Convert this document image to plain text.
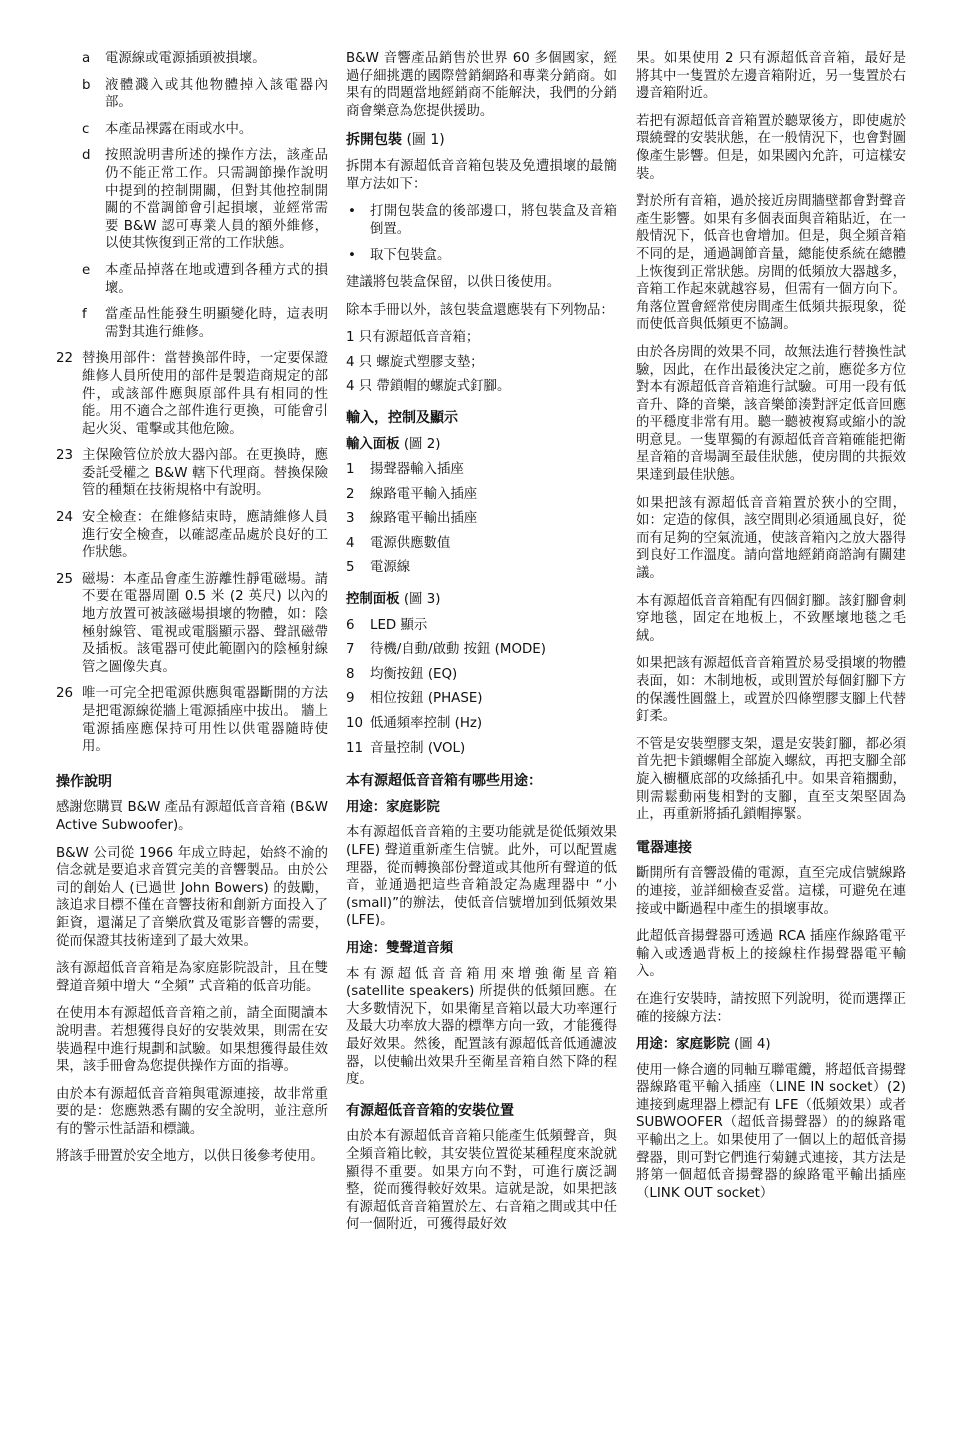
a 電源線或電源插頭被損壞。
b 液體濺入或其他物體掉入該電器內部。
c 本產品裸露在雨或水中。
d 按照說明書所述的操作方法，該產品仍不能正常工作。只需調節操作說明中提到的控制開關，但對其他控制開關的不當調節會引起損壞，並經常需要 B&W 認可專業人員的額外維修，以使其恢復到正常的工作狀態。
e 本產品掉落在地或遭到各種方式的損壞。
f 當產品性能發生明顯變化時，這表明需對其進行維修。
22 替換用部件：當替換部件時，一定要保證維修人員所使用的部件是製造商規定的部件，或該部件應與原部件具有相同的性能。用不適合之部件進行更換，可能會引起火災、電擊或其他危險。
23 主保險管位於放大器內部。在更換時，應委託受權之 B&W 轄下代理商。替換保險管的種類在技術規格中有說明。
24 安全檢查：在維修結束時，應請維修人員進行安全檢查，以確認產品處於良好的工作狀態。
25 磁場：本產品會產生游離性靜電磁場。請不要在電器周圍 0.5 米 (2 英尺) 以內的地方放置可被該磁場損壞的物體，如：陰極射線管、電視或電腦顯示器、聲訊磁帶及插板。該電器可使此範圍內的陰極射線管之圖像失真。
26 唯一可完全把電源供應與電器斷開的方法是把電源線從牆上電源插座中拔出。 牆上電源插座應保持可用性以供電器隨時使用。
操作說明

感謝您購買 B&W 產品有源超低音音箱 (B&W Active Subwoofer)。

B&W 公司從 1966 年成立時起，始終不渝的信念就是要追求音質完美的音響製品。由於公司的創始人 (已過世 John Bowers) 的鼓勵，該追求目標不僅在音響技術和創新方面投入了鉅資，還滿足了音樂欣賞及電影音響的需要，從而保證其技術達到了最大效果。

該有源超低音音箱是為家庭影院設計，且在雙聲道音頻中增大 “全頻” 式音箱的低音功能。

在使用本有源超低音音箱之前，請全面閱讀本說明書。若想獲得良好的安裝效果，則需在安裝過程中進行規劃和試驗。如果想獲得最佳效果，該手冊會為您提供操作方面的指導。

由於本有源超低音音箱與電源連接，故非常重要的是：您應熟悉有關的安全說明，並注意所有的警示性話語和標識。

將該手冊置於安全地方，以供日後參考使用。

B&W 音響產品銷售於世界 60 多個國家，經過仔細挑選的國際營銷網路和專業分銷商。如果有的問題當地經銷商不能解決，我們的分銷商會樂意為您提供援助。

拆開包裝 (圖 1)

拆開本有源超低音音箱包裝及免遭損壞的最簡單方法如下：

• 打開包裝盒的後部邊口，將包裝盒及音箱倒置。
• 取下包裝盒。

建議將包裝盒保留，以供日後使用。

除本手冊以外，該包裝盒還應裝有下列物品：

1 只有源超低音音箱；
4 只 螺旋式塑膠支墊；
4 只 帶鎖帽的螺旋式釘腳。
輸入，控制及顯示
輸入面板 (圖 2)
1 揚聲器輸入插座
2 線路電平輸入插座
3 線路電平輸出插座
4 電源供應數值
5 電源線
控制面板 (圖 3)
6 LED 顯示
7 待機/自動/啟動 按鈕 (MODE)
8 均衡按鈕 (EQ)
9 相位按鈕 (PHASE)
10 低通頻率控制 (Hz)
11 音量控制 (VOL)
本有源超低音音箱有哪些用途：
用途：家庭影院

本有源超低音音箱的主要功能就是從低頻效果 (LFE) 聲道重新產生信號。此外，可以配置處理器，從而轉換部份聲道或其他所有聲道的低音，並通過把這些音箱設定為處理器中 “小 (small)”的辦法，使低音信號增加到低頻效果 (LFE)。

用途：雙聲道音頻

本有源超低音音箱用來增強衛星音箱 (satellite speakers) 所提供的低頻回應。在大多數情況下，如果衛星音箱以最大功率運行及最大功率放大器的標準方向一致，才能獲得最好效果。然後，配置該有源超低音低通濾波器，以使輸出效果升至衛星音箱自然下降的程度。

有源超低音音箱的安裝位置

由於本有源超低音音箱只能產生低頻聲音，與全頻音箱比較，其安裝位置從某種程度來說就顯得不重要。如果方向不對，可進行廣泛調整，從而獲得較好效果。這就是說，如果把該有源超低音音箱置於左、右音箱之間或其中任何一個附近，可獲得最好效

果。如果使用 2 只有源超低音音箱，最好是將其中一隻置於左邊音箱附近，另一隻置於右邊音箱附近。

若把有源超低音音箱置於聽眾後方，即使處於環繞聲的安裝狀態，在一般情況下，也會對圖像產生影響。但是，如果國內允許，可這樣安裝。

對於所有音箱，過於接近房間牆壁都會對聲音產生影響。如果有多個表面與音箱貼近，在一般情況下，低音也會增加。但是，與全頻音箱不同的是，通過調節音量，總能使系統在總體上恢復到正常狀態。房間的低頻放大器越多，音箱工作起來就越容易，但需有一個方向下。角落位置會經常使房間產生低頻共振現象，從而使低音與低頻更不協調。

由於各房間的效果不同，故無法進行替換性試驗，因此，在作出最後決定之前，應從多方位對本有源超低音音箱進行試驗。可用一段有低音升、降的音樂，該音樂節湊對評定低音回應的平穩度非常有用。聽一聽被複寫或縮小的說明意見。一隻單獨的有源超低音音箱確能把衛星音箱的音場調至最佳狀態，使房間的共振效果達到最佳狀態。

如果把該有源超低音音箱置於狹小的空間，如：定造的傢俱，該空間則必須通風良好，從而有足夠的空氣流通，使該音箱內之放大器得到良好工作溫度。請向當地經銷商諮詢有關建議。

本有源超低音音箱配有四個釘腳。該釘腳會刺穿地毯，固定在地板上，不致壓壞地毯之毛絨。

如果把該有源超低音音箱置於易受損壞的物體表面，如：木制地板，或則置於每個釘腳下方的保護性圓盤上，或置於四條塑膠支腳上代替釘柔。

不管是安裝塑膠支架，還是安裝釘腳，都必須首先把卡鎖螺帽全部旋入螺紋，再把支腳全部旋入櫥櫃底部的攻絲插孔中。如果音箱擱動，則需鬆動兩隻相對的支腳，直至支架堅固為止，再重新將插孔鎖帽擰緊。

電器連接

斷開所有音響設備的電源，直至完成信號線路的連接，並詳細檢查妥當。這樣，可避免在連接或中斷過程中產生的損壞事故。

此超低音揚聲器可透過 RCA 插座作線路電平輸入或透過背板上的接線柱作揚聲器電平輸入。

在進行安裝時，請按照下列說明，從而選擇正確的接線方法：

用途：家庭影院 (圖 4)

使用一條合適的同軸互聯電纜，將超低音揚聲器線路電平輸入插座（LINE IN socket）(2) 連接到處理器上標記有 LFE（低頻效果）或者 SUBWOOFER（超低音揚聲器）的的線路電平輸出之上。如果使用了一個以上的超低音揚聲器，則可對它們進行菊鏈式連接，其方法是將第一個超低音揚聲器的線路電平輸出插座（LINK OUT socket）
